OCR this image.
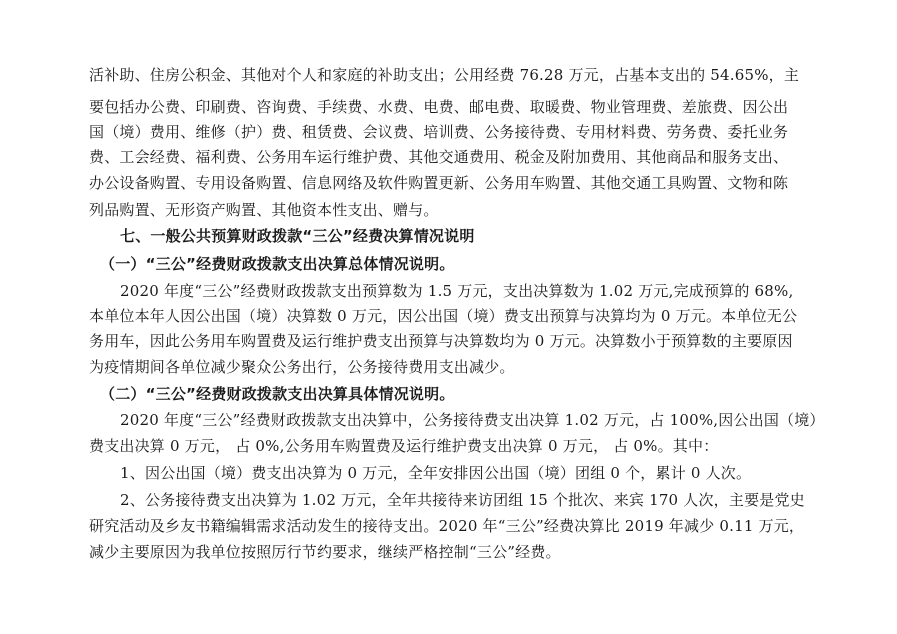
活补助、住房公积金、其他对个人和家庭的补助支出；公用经费 76.28 万元，占基本支出的 54.65%，主
要包括办公费、印刷费、咨询费、手续费、水费、电费、邮电费、取暖费、物业管理费、差旅费、因公出
国（境）费用、维修（护）费、租赁费、会议费、培训费、公务接待费、专用材料费、劳务费、委托业务
费、工会经费、福利费、公务用车运行维护费、其他交通费用、税金及附加费用、其他商品和服务支出、
办公设备购置、专用设备购置、信息网络及软件购置更新、公务用车购置、其他交通工具购置、文物和陈
列品购置、无形资产购置、其他资本性支出、赠与。
七、一般公共预算财政拨款“三公”经费决算情况说明
（一）“三公”经费财政拨款支出决算总体情况说明。
2020 年度“三公”经费财政拨款支出预算数为 1.5 万元，支出决算数为 1.02 万元,完成预算的 68%,
本单位本年人因公出国（境）决算数 0 万元，因公出国（境）费支出预算与决算均为 0 万元。本单位无公
务用车，因此公务用车购置费及运行维护费支出预算与决算数均为 0 万元。决算数小于预算数的主要原因
为疫情期间各单位减少聚众公务出行，公务接待费用支出减少。
（二）“三公”经费财政拨款支出决算具体情况说明。
2020 年度“三公”经费财政拨款支出决算中，公务接待费支出决算 1.02 万元，占 100%,因公出国（境）
费支出决算 0 万元， 占 0%,公务用车购置费及运行维护费支出决算 0 万元， 占 0%。其中：
1、因公出国（境）费支出决算为 0 万元，全年安排因公出国（境）团组 0 个，累计 0 人次。
2、公务接待费支出决算为 1.02 万元，全年共接待来访团组 15 个批次、来宾 170 人次，主要是党史
研究活动及乡友书籍编辑需求活动发生的接待支出。2020 年“三公”经费决算比 2019 年减少 0.11 万元，
减少主要原因为我单位按照厉行节约要求，继续严格控制“三公”经费。
